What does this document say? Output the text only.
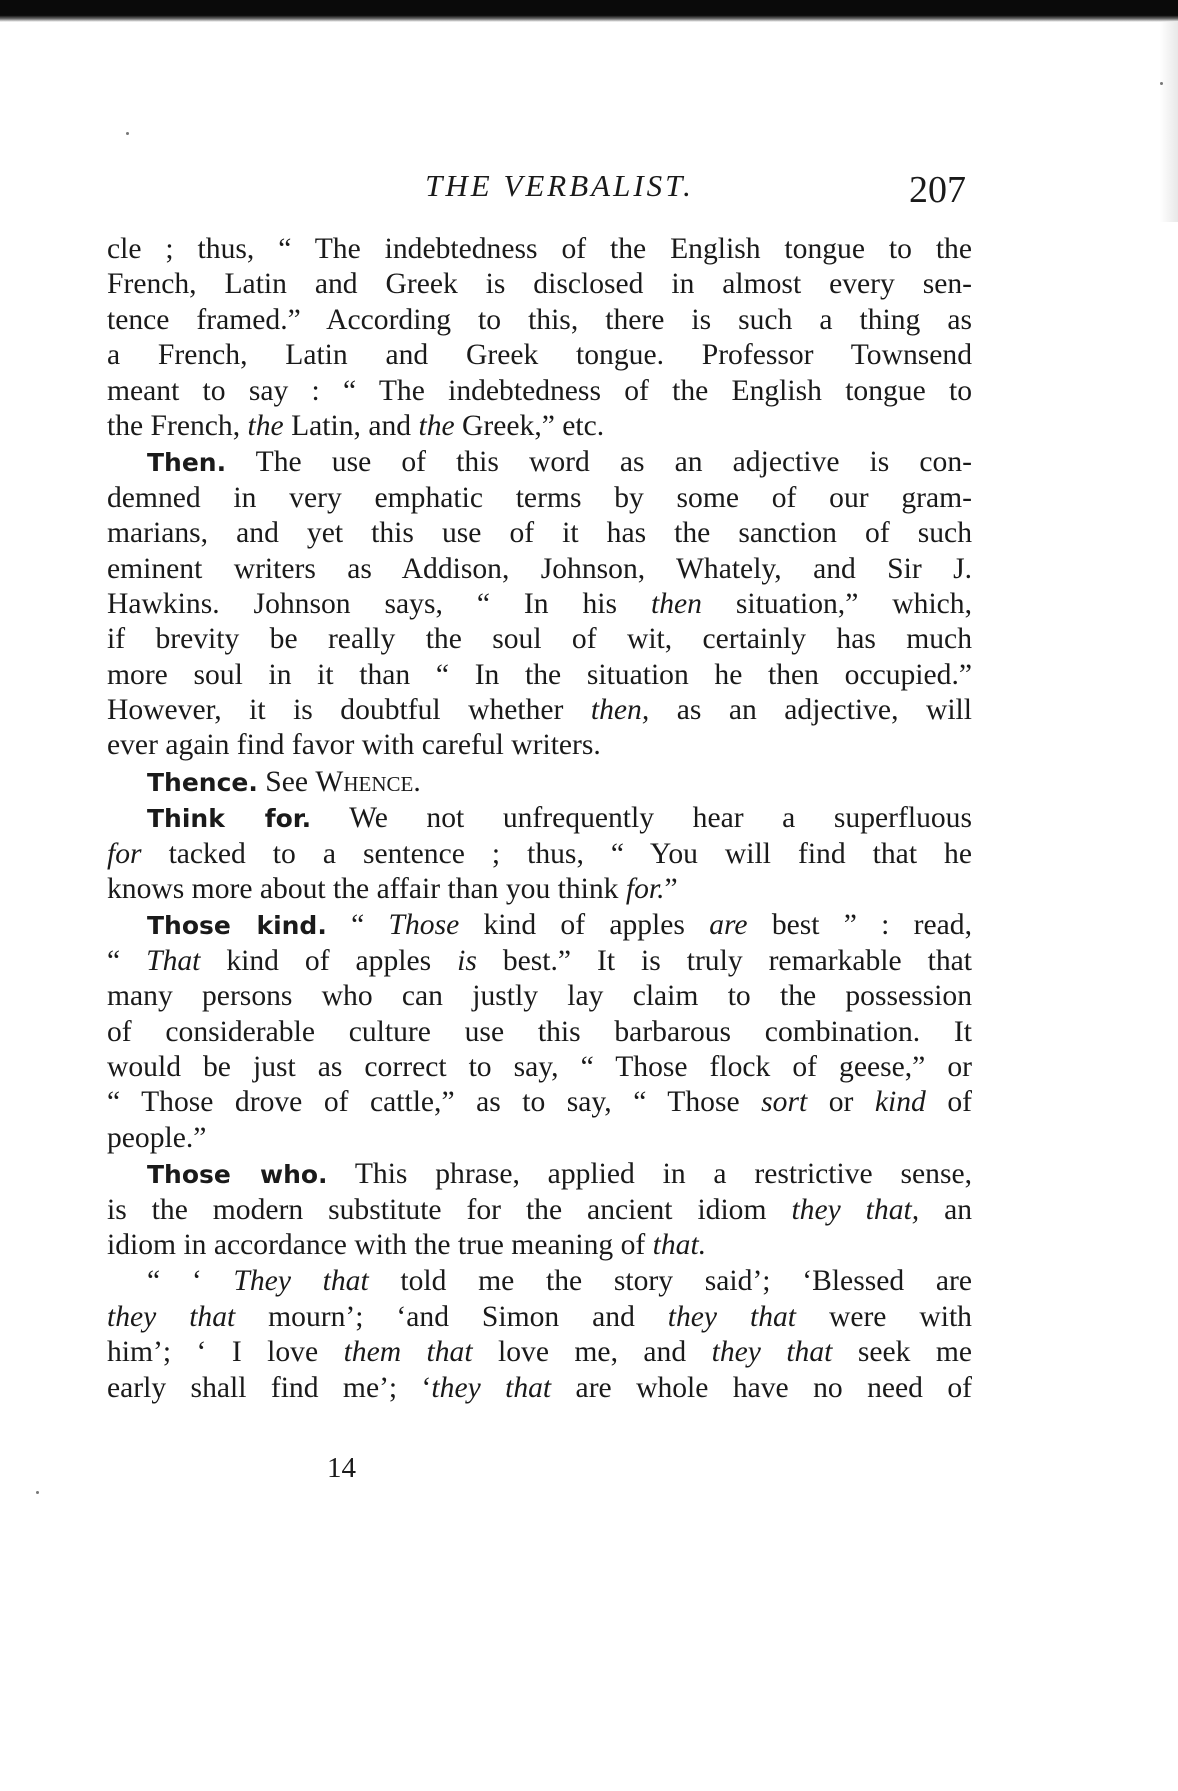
THE VERBALIST.	207
cle ; thus, “ The indebtedness of the English tongue to the
French, Latin and Greek is disclosed in almost every sen-
tence framed.” According to this, there is such a thing as
a French, Latin and Greek tongue. Professor Townsend
meant to say : “ The indebtedness of the English tongue to
the French, the Latin, and the Greek,” etc.
Then. The use of this word as an adjective is con-
demned in very emphatic terms by some of our gram-
marians, and yet this use of it has the sanction of such
eminent writers as Addison, Johnson, Whately, and Sir J.
Hawkins. Johnson says, “ In his then situation,” which,
if brevity be really the soul of wit, certainly has much
more soul in it than “ In the situation he then occupied.”
However, it is doubtful whether then, as an adjective, will
ever again find favor with careful writers.
Thence. See Whence.
Think for. We not unfrequently hear a superfluous
for tacked to a sentence ; thus, “ You will find that he
knows more about the affair than you think for.”
Those kind. “ Those kind of apples are best ” : read,
“ That kind of apples is best.” It is truly remarkable that
many persons who can justly lay claim to the possession
of considerable culture use this barbarous combination. It
would be just as correct to say, “ Those flock of geese,” or
“ Those drove of cattle,” as to say, “ Those sort or kind of
people.”
Those who. This phrase, applied in a restrictive sense,
is the modern substitute for the ancient idiom they that, an
idiom in accordance with the true meaning of that.
“ ‘ They that told me the story said’; ‘Blessed are
they that mourn’; ‘and Simon and they that were with
him’; ‘ I love them that love me, and they that seek me
early shall find me’; ‘they that are whole have no need of
14
